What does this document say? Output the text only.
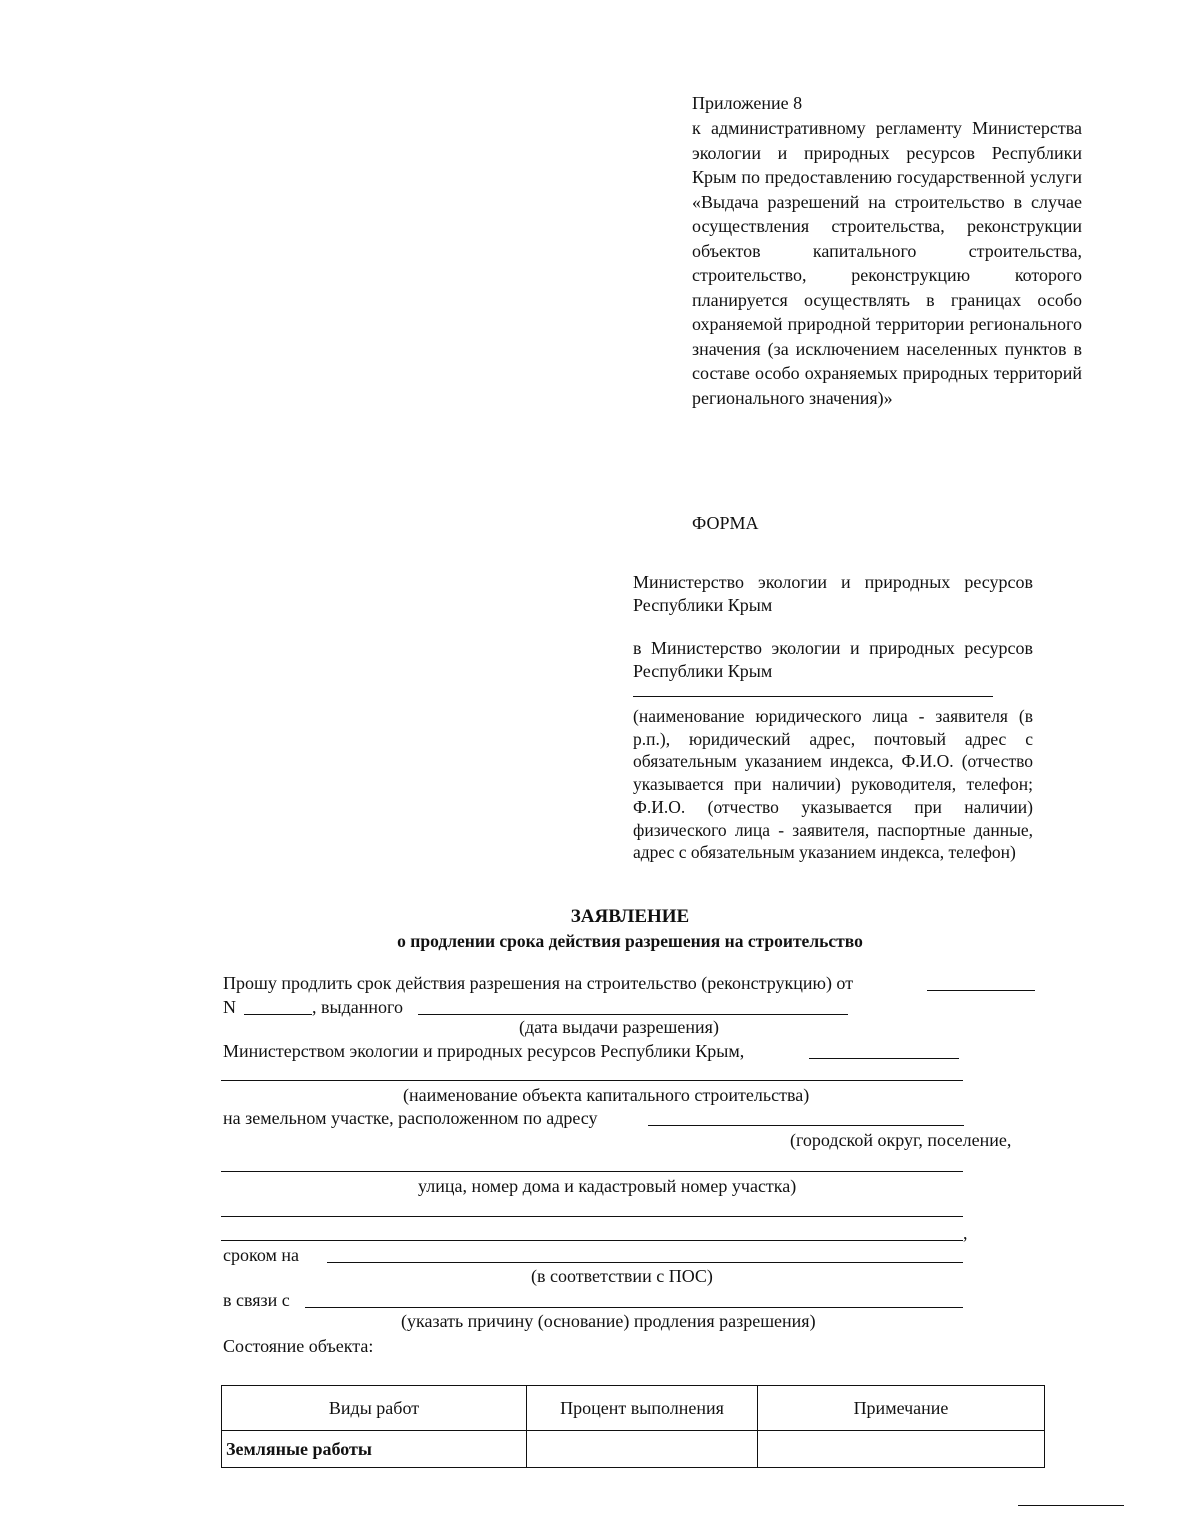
Приложение 8
к административному регламенту Министерства экологии и природных ресурсов Республики Крым по предоставлению государственной услуги «Выдача разрешений на строительство в случае осуществления строительства, реконструкции объектов капитального строительства, строительство, реконструкцию которого планируется осуществлять в границах особо охраняемой природной территории регионального значения (за исключением населенных пунктов в составе особо охраняемых природных территорий регионального значения)»
ФОРМА
Министерство экологии и природных ресурсов Республики Крым
в Министерство экологии и природных ресурсов Республики Крым
(наименование юридического лица - заявителя (в р.п.), юридический адрес, почтовый адрес с обязательным указанием индекса, Ф.И.О. (отчество указывается при наличии) руководителя, телефон; Ф.И.О. (отчество указывается при наличии) физического лица - заявителя, паспортные данные, адрес с обязательным указанием индекса, телефон)
ЗАЯВЛЕНИЕ
о продлении срока действия разрешения на строительство
Прошу продлить срок действия разрешения на строительство (реконструкцию) от
N	, выданного
(дата выдачи разрешения)
Министерством экологии и природных ресурсов Республики Крым,
(наименование объекта капитального строительства)
на земельном участке, расположенном по адресу
(городской округ, поселение,
улица, номер дома и кадастровый номер участка)
,
сроком на
(в соответствии с ПОС)
в связи с
(указать причину (основание) продления разрешения)
Состояние объекта:
Виды работ	Процент выполнения	Примечание
Земляные работы		
